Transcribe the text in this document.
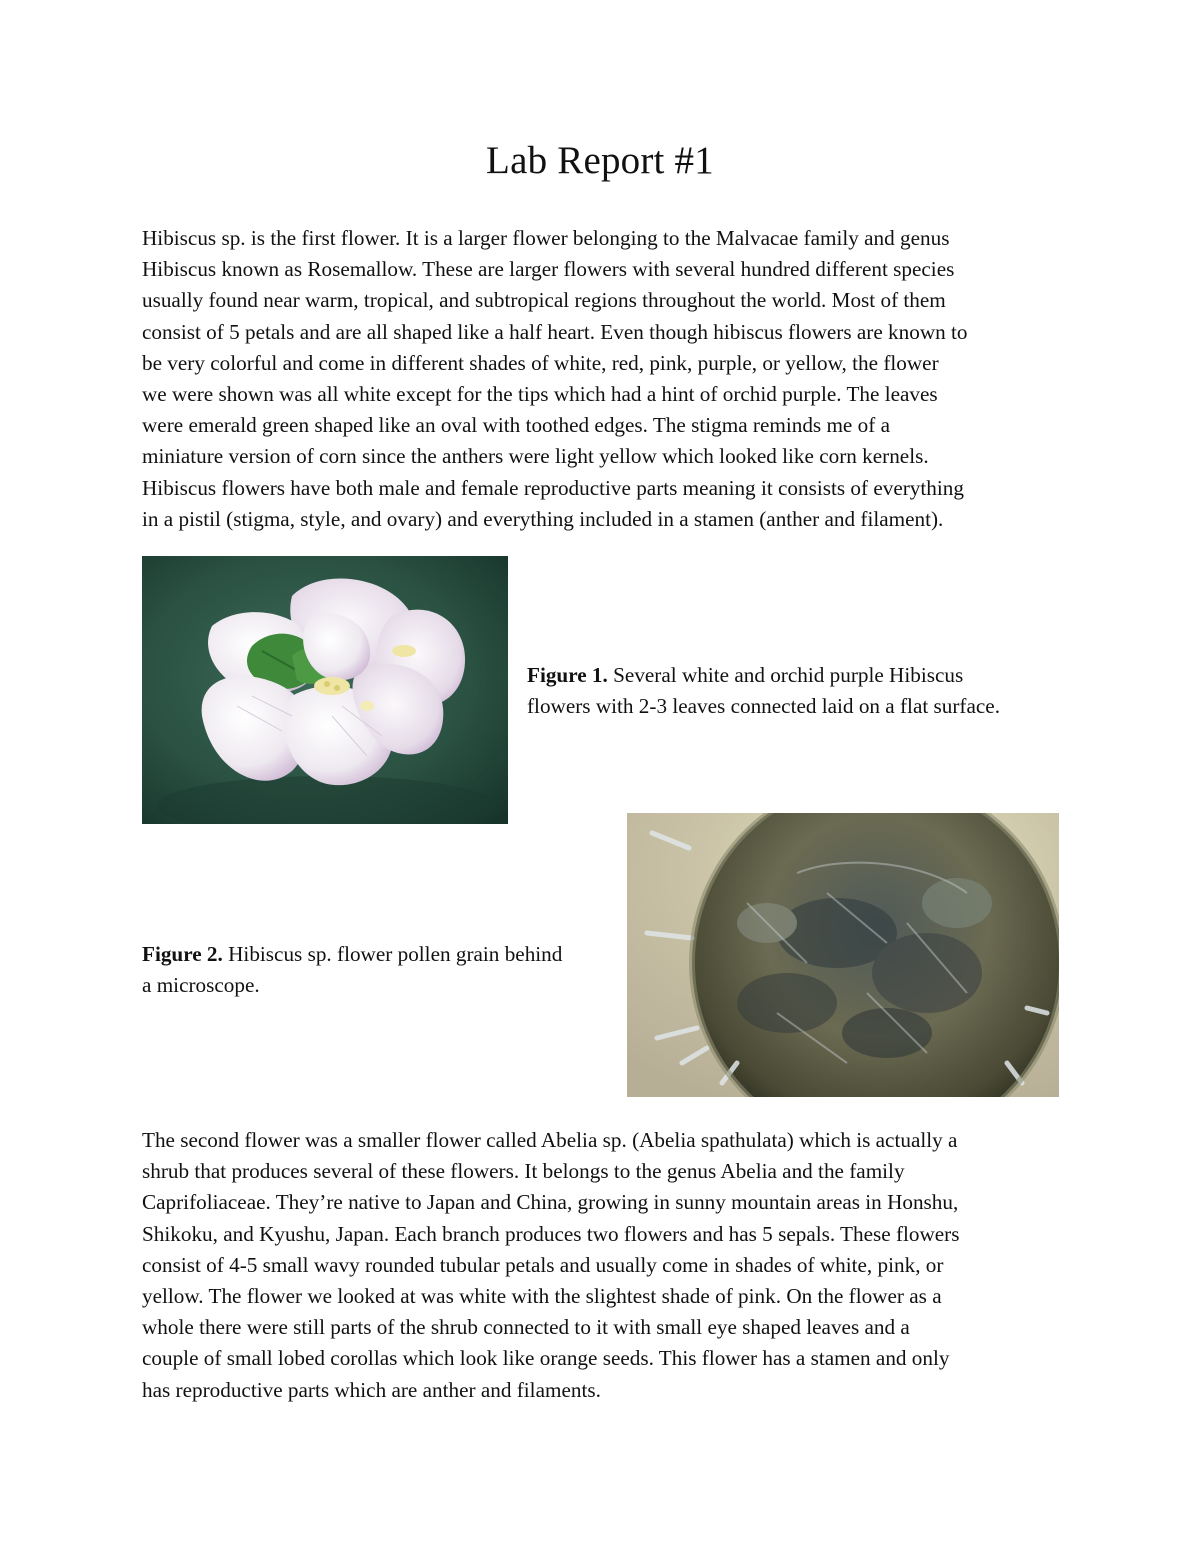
Lab Report #1

Hibiscus sp. is the first flower. It is a larger flower belonging to the Malvacae family and genus
Hibiscus known as Rosemallow. These are larger flowers with several hundred different species
usually found near warm, tropical, and subtropical regions throughout the world. Most of them
consist of 5 petals and are all shaped like a half heart. Even though hibiscus flowers are known to
be very colorful and come in different shades of white, red, pink, purple, or yellow, the flower
we were shown was all white except for the tips which had a hint of orchid purple. The leaves
were emerald green shaped like an oval with toothed edges. The stigma reminds me of a
miniature version of corn since the anthers were light yellow which looked like corn kernels.
Hibiscus flowers have both male and female reproductive parts meaning it consists of everything
in a pistil (stigma, style, and ovary) and everything included in a stamen (anther and filament).

Figure 1. Several white and orchid purple Hibiscus
flowers with 2-3 leaves connected laid on a flat surface.

Figure 2. Hibiscus sp. flower pollen grain behind
a microscope.

The second flower was a smaller flower called Abelia sp. (Abelia spathulata) which is actually a
shrub that produces several of these flowers. It belongs to the genus Abelia and the family
Caprifoliaceae. They’re native to Japan and China, growing in sunny mountain areas in Honshu,
Shikoku, and Kyushu, Japan. Each branch produces two flowers and has 5 sepals. These flowers
consist of 4-5 small wavy rounded tubular petals and usually come in shades of white, pink, or
yellow. The flower we looked at was white with the slightest shade of pink. On the flower as a
whole there were still parts of the shrub connected to it with small eye shaped leaves and a
couple of small lobed corollas which look like orange seeds. This flower has a stamen and only
has reproductive parts which are anther and filaments.
